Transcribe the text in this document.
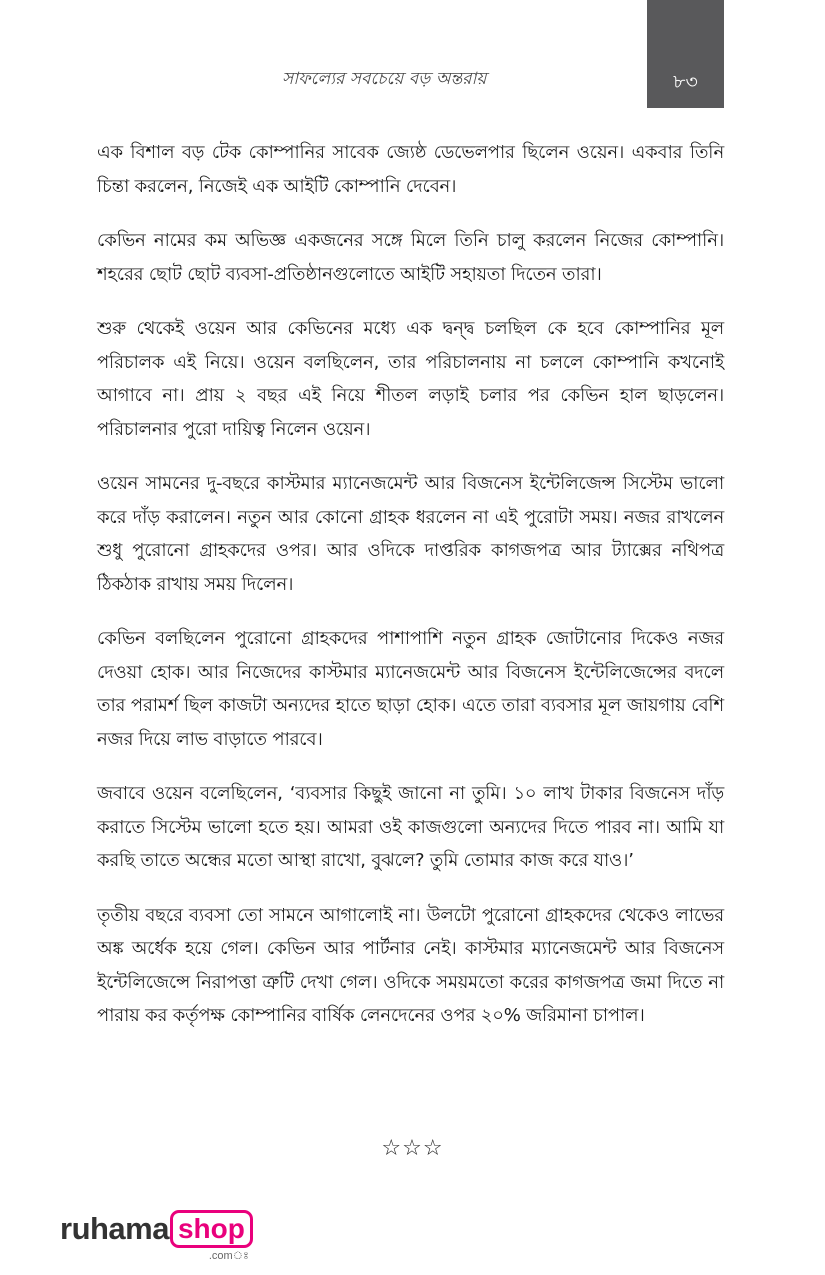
সাফল্যের সবচেয়ে বড় অন্তরায়	৮৩

এক বিশাল বড় টেক কোম্পানির সাবেক জ্যেষ্ঠ ডেভেলপার ছিলেন ওয়েন। একবার তিনি চিন্তা করলেন, নিজেই এক আইটি কোম্পানি দেবেন।

কেভিন নামের কম অভিজ্ঞ একজনের সঙ্গে মিলে তিনি চালু করলেন নিজের কোম্পানি। শহরের ছোট ছোট ব্যবসা-প্রতিষ্ঠানগুলোতে আইটি সহায়তা দিতেন তারা।

শুরু থেকেই ওয়েন আর কেভিনের মধ্যে এক দ্বন্দ্ব চলছিল কে হবে কোম্পানির মূল পরিচালক এই নিয়ে। ওয়েন বলছিলেন, তার পরিচালনায় না চললে কোম্পানি কখনোই আগাবে না। প্রায় ২ বছর এই নিয়ে শীতল লড়াই চলার পর কেভিন হাল ছাড়লেন। পরিচালনার পুরো দায়িত্ব নিলেন ওয়েন।

ওয়েন সামনের দু-বছরে কাস্টমার ম্যানেজমেন্ট আর বিজনেস ইন্টেলিজেন্স সিস্টেম ভালো করে দাঁড় করালেন। নতুন আর কোনো গ্রাহক ধরলেন না এই পুরোটা সময়। নজর রাখলেন শুধু পুরোনো গ্রাহকদের ওপর। আর ওদিকে দাপ্তরিক কাগজপত্র আর ট্যাক্সের নথিপত্র ঠিকঠাক রাখায় সময় দিলেন।

কেভিন বলছিলেন পুরোনো গ্রাহকদের পাশাপাশি নতুন গ্রাহক জোটানোর দিকেও নজর দেওয়া হোক। আর নিজেদের কাস্টমার ম্যানেজমেন্ট আর বিজনেস ইন্টেলিজেন্সের বদলে তার পরামর্শ ছিল কাজটা অন্যদের হাতে ছাড়া হোক। এতে তারা ব্যবসার মূল জায়গায় বেশি নজর দিয়ে লাভ বাড়াতে পারবে।

জবাবে ওয়েন বলেছিলেন, ‘ব্যবসার কিছুই জানো না তুমি। ১০ লাখ টাকার বিজনেস দাঁড় করাতে সিস্টেম ভালো হতে হয়। আমরা ওই কাজগুলো অন্যদের দিতে পারব না। আমি যা করছি তাতে অন্ধের মতো আস্থা রাখো, বুঝলে? তুমি তোমার কাজ করে যাও।’

তৃতীয় বছরে ব্যবসা তো সামনে আগালোই না। উলটো পুরোনো গ্রাহকদের থেকেও লাভের অঙ্ক অর্ধেক হয়ে গেল। কেভিন আর পার্টনার নেই। কাস্টমার ম্যানেজমেন্ট আর বিজনেস ইন্টেলিজেন্সে নিরাপত্তা ত্রুটি দেখা গেল। ওদিকে সময়মতো করের কাগজপত্র জমা দিতে না পারায় কর কর্তৃপক্ষ কোম্পানির বার্ষিক লেনদেনের ওপর ২০% জরিমানা চাপাল।

☆☆☆
ruhama shop
.comঃ
